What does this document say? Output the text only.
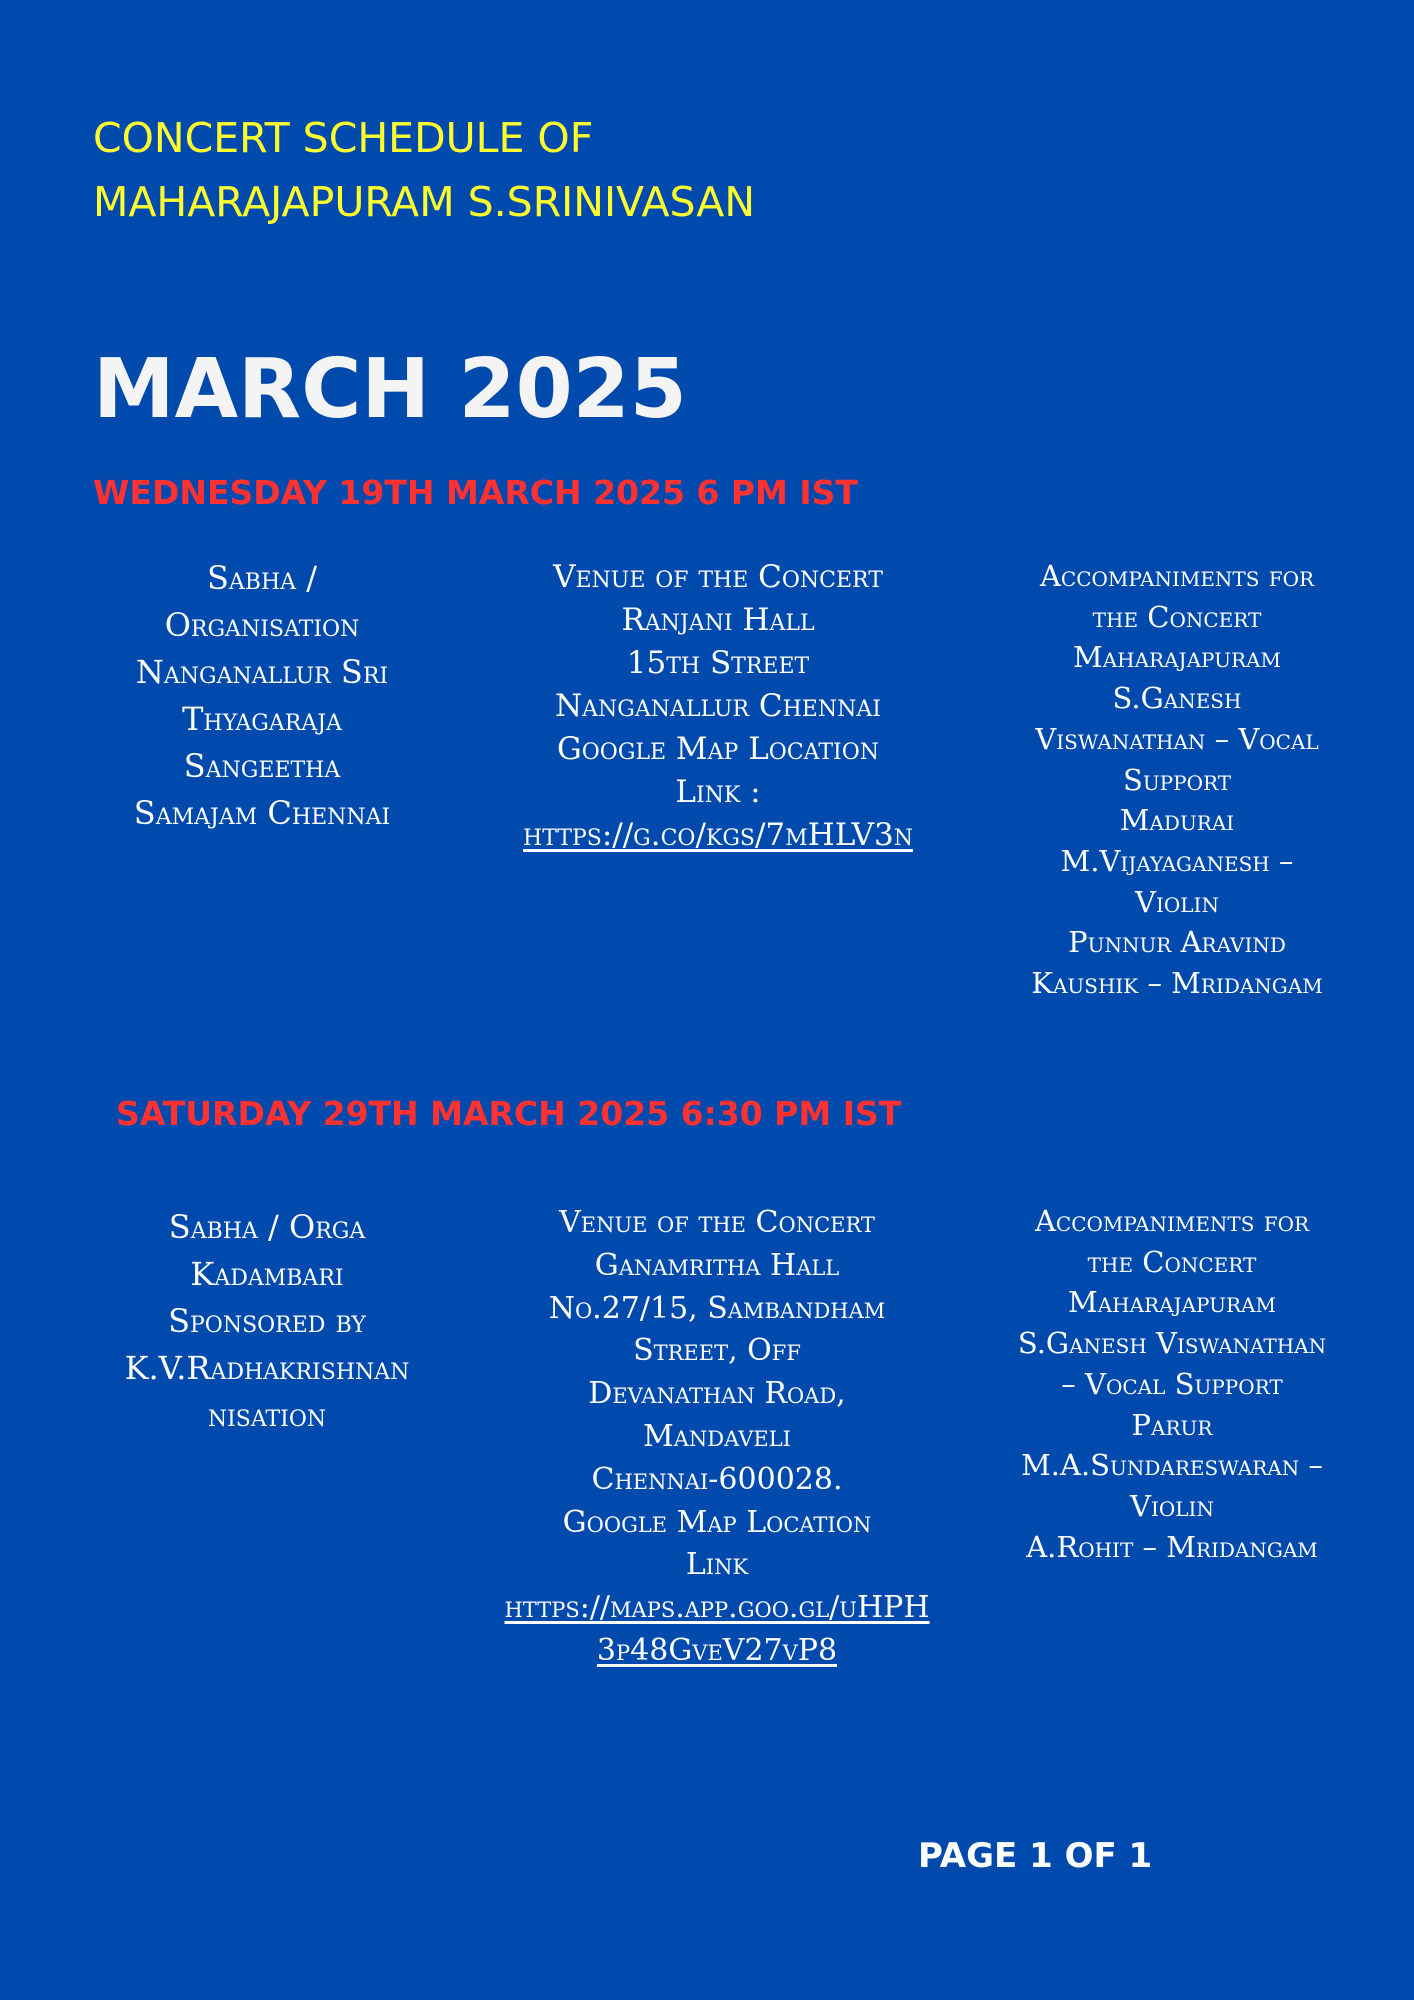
CONCERT SCHEDULE OF
MAHARAJAPURAM S.SRINIVASAN
MARCH 2025
WEDNESDAY 19TH MARCH 2025 6 PM IST
Sabha /
Organisation
Nanganallur Sri
Thyagaraja
Sangeetha
Samajam Chennai
Venue of the Concert
Ranjani Hall
15th Street
Nanganallur Chennai
Google Map Location
Link :
https://g.co/kgs/7mHLV3n
Accompaniments for
the Concert
Maharajapuram
S.Ganesh
Viswanathan – Vocal
Support
Madurai
M.Vijayaganesh –
Violin
Punnur Aravind
Kaushik – Mridangam
SATURDAY 29TH MARCH 2025 6:30 PM IST
Sabha / Orga
Kadambari
Sponsored by
K.V.Radhakrishnan
nisation
Venue of the Concert
Ganamritha Hall
No.27/15, Sambandham
Street, Off
Devanathan Road,
Mandaveli
Chennai-600028.
Google Map Location
Link
https://maps.app.goo.gl/uHPH3p48GveV27vP8
Accompaniments for
the Concert
Maharajapuram
S.Ganesh Viswanathan
– Vocal Support
Parur
M.A.Sundareswaran –
Violin
A.Rohit – Mridangam
PAGE 1 OF 1
